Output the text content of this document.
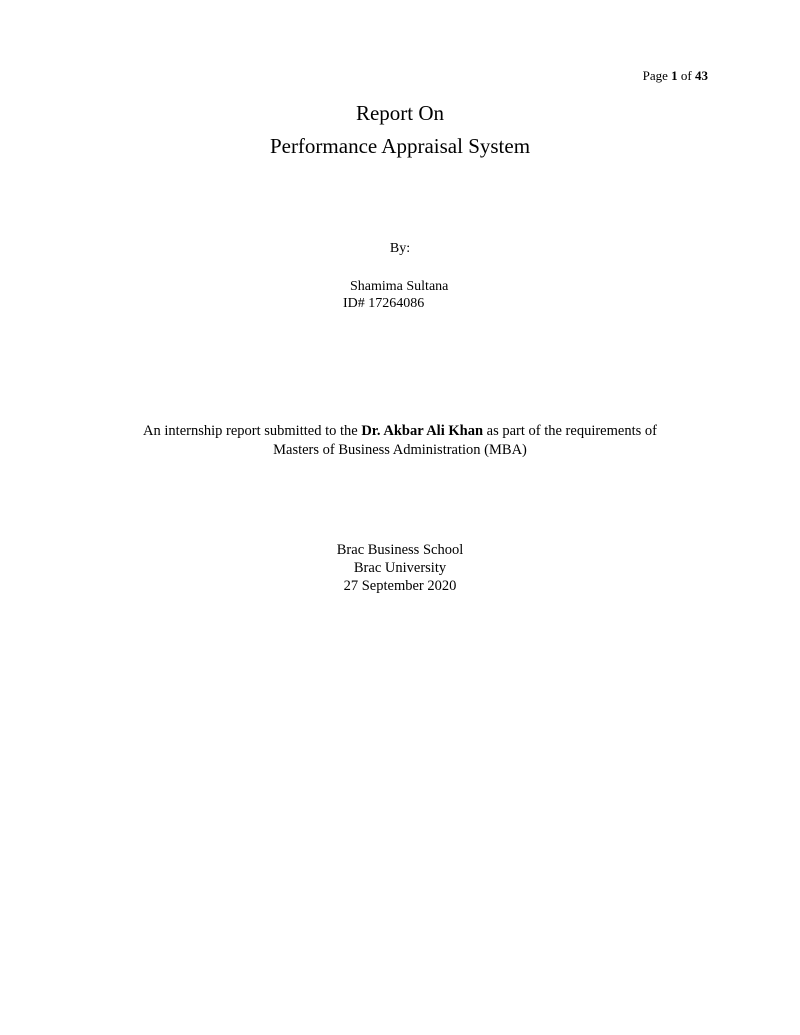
Page 1 of 43
Report On
Performance Appraisal System
By:
Shamima Sultana
ID# 17264086
An internship report submitted to the Dr. Akbar Ali Khan as part of the requirements of
Masters of Business Administration (MBA)
Brac Business School
Brac University
27 September 2020
